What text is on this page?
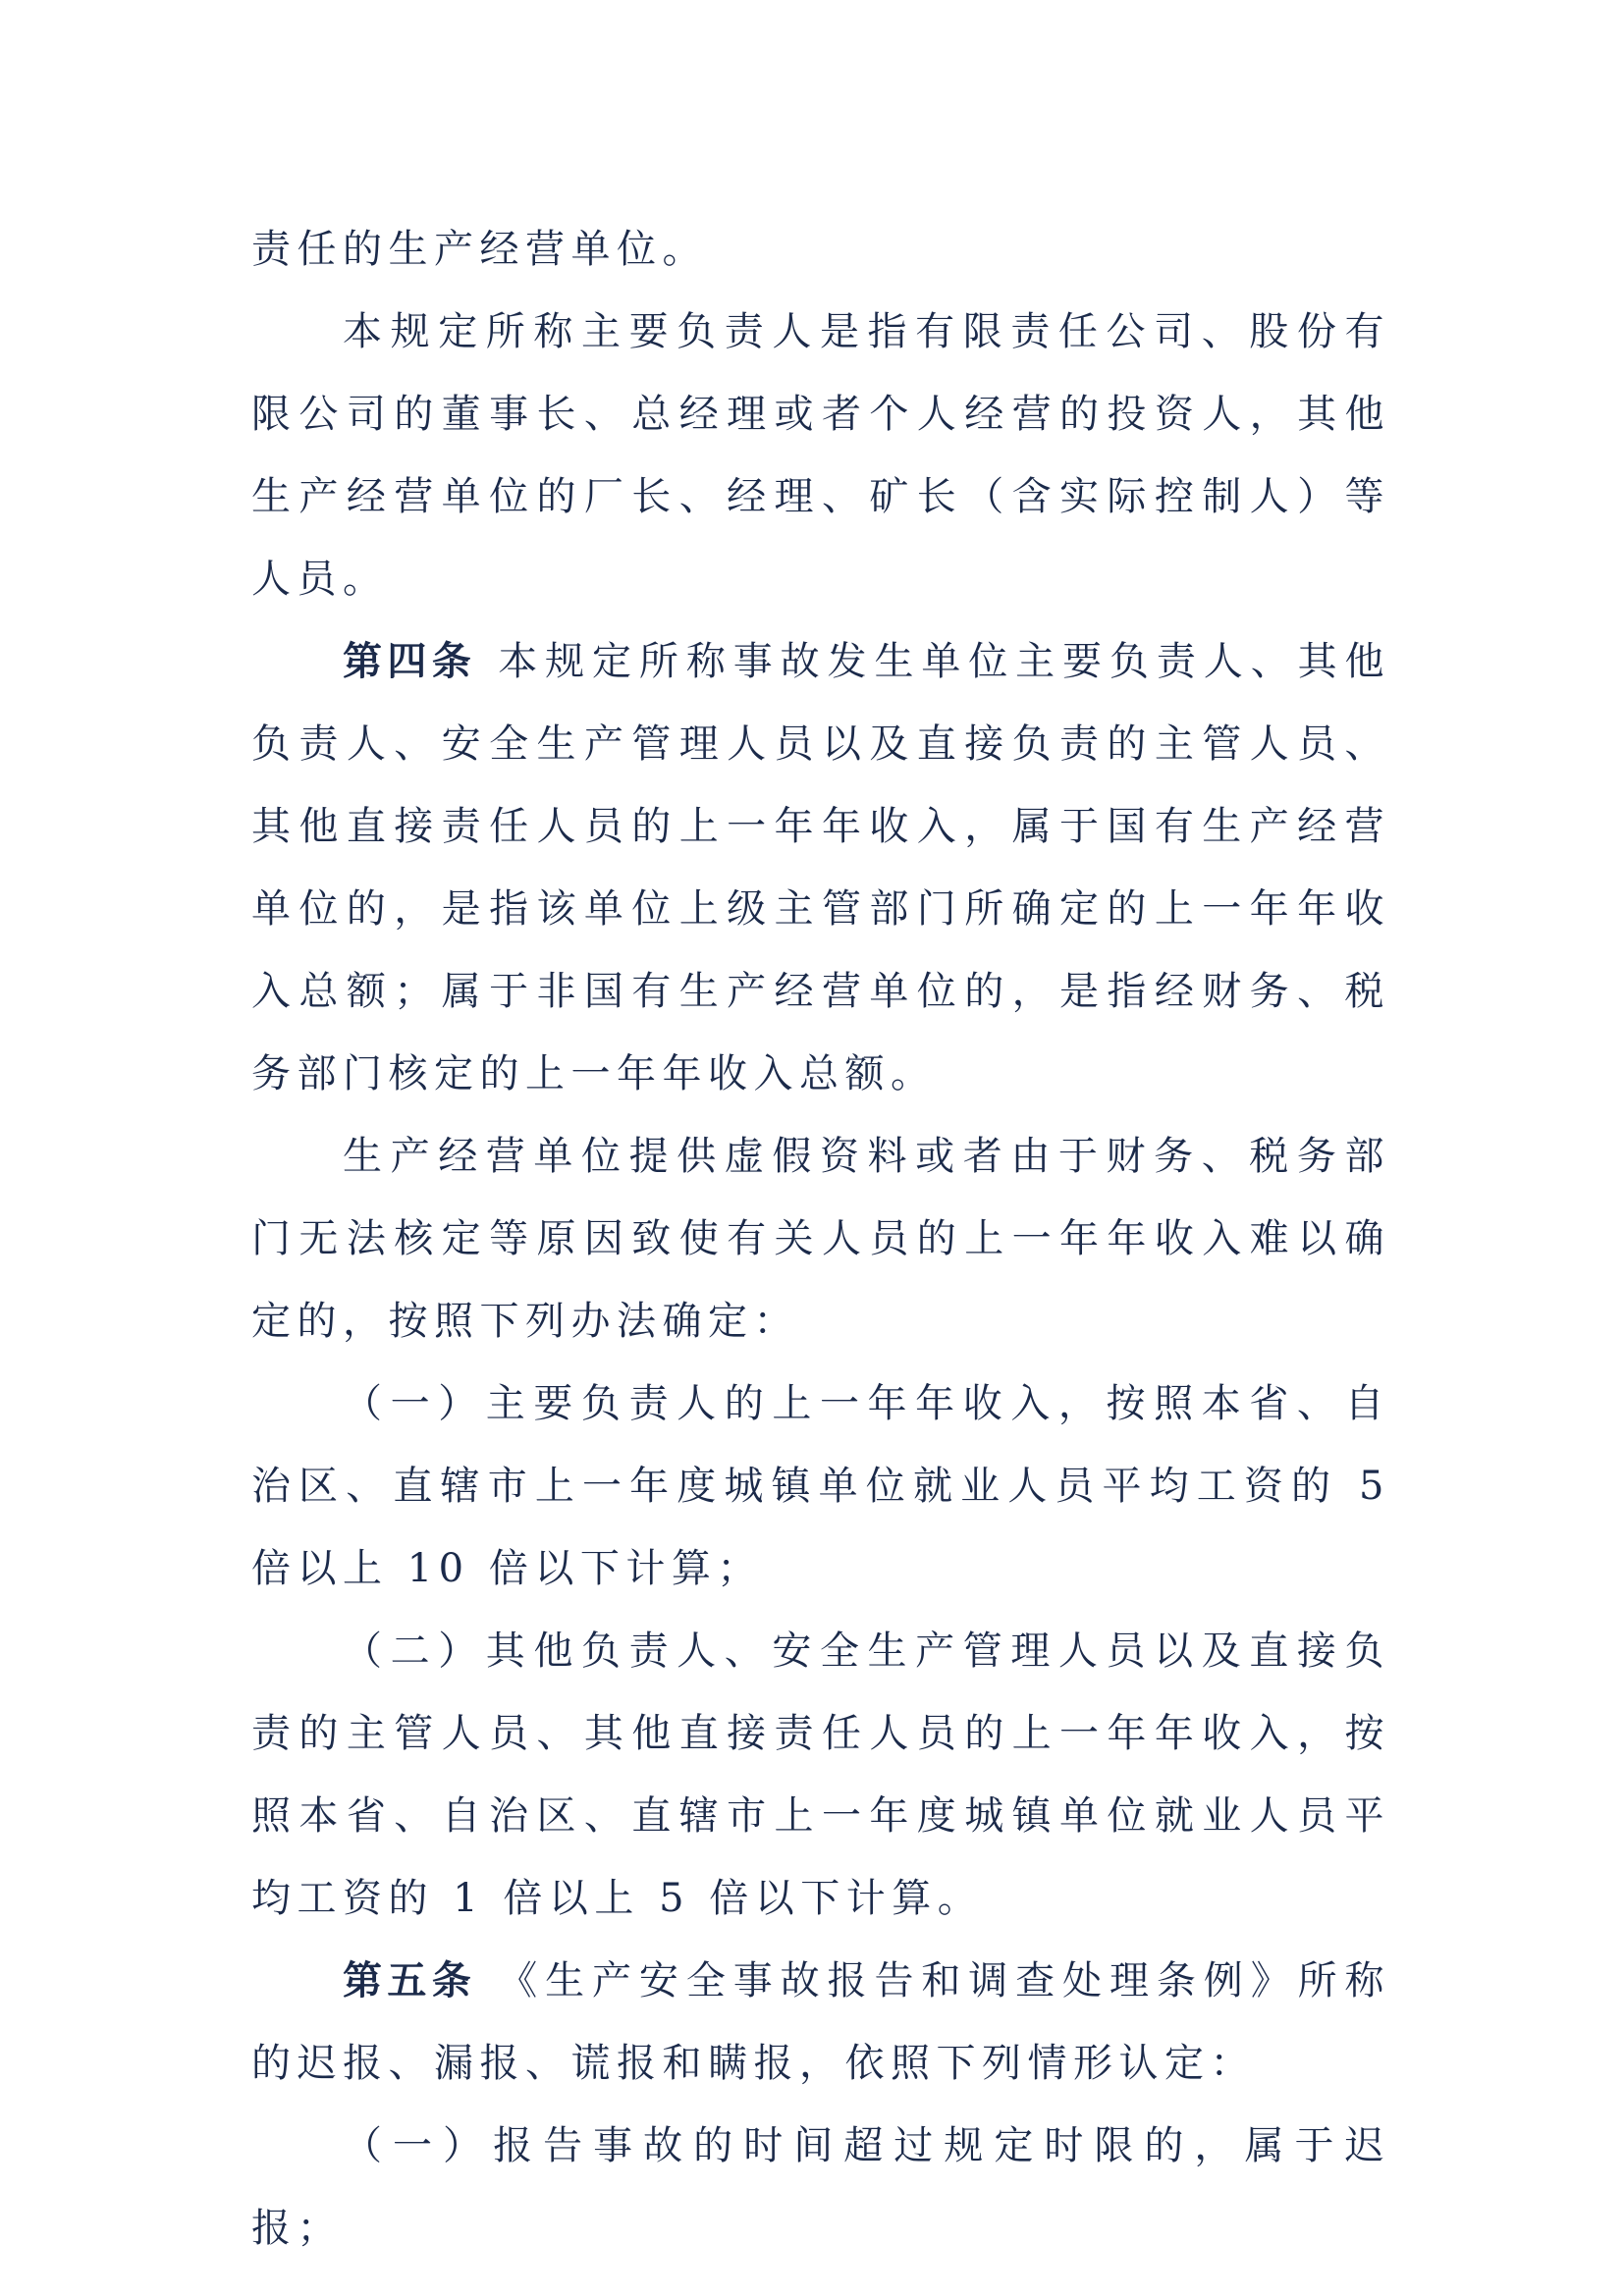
责任的生产经营单位。

本规定所称主要负责人是指有限责任公司、股份有限公司的董事长、总经理或者个人经营的投资人，其他生产经营单位的厂长、经理、矿长（含实际控制人）等人员。

第四条 本规定所称事故发生单位主要负责人、其他负责人、安全生产管理人员以及直接负责的主管人员、其他直接责任人员的上一年年收入，属于国有生产经营单位的，是指该单位上级主管部门所确定的上一年年收入总额；属于非国有生产经营单位的，是指经财务、税务部门核定的上一年年收入总额。

生产经营单位提供虚假资料或者由于财务、税务部门无法核定等原因致使有关人员的上一年年收入难以确定的，按照下列办法确定：

（一）主要负责人的上一年年收入，按照本省、自治区、直辖市上一年度城镇单位就业人员平均工资的 5 倍以上 10 倍以下计算；

（二）其他负责人、安全生产管理人员以及直接负责的主管人员、其他直接责任人员的上一年年收入，按照本省、自治区、直辖市上一年度城镇单位就业人员平均工资的 1 倍以上 5 倍以下计算。

第五条 《生产安全事故报告和调查处理条例》所称的迟报、漏报、谎报和瞒报，依照下列情形认定：

（一）报告事故的时间超过规定时限的，属于迟报；
